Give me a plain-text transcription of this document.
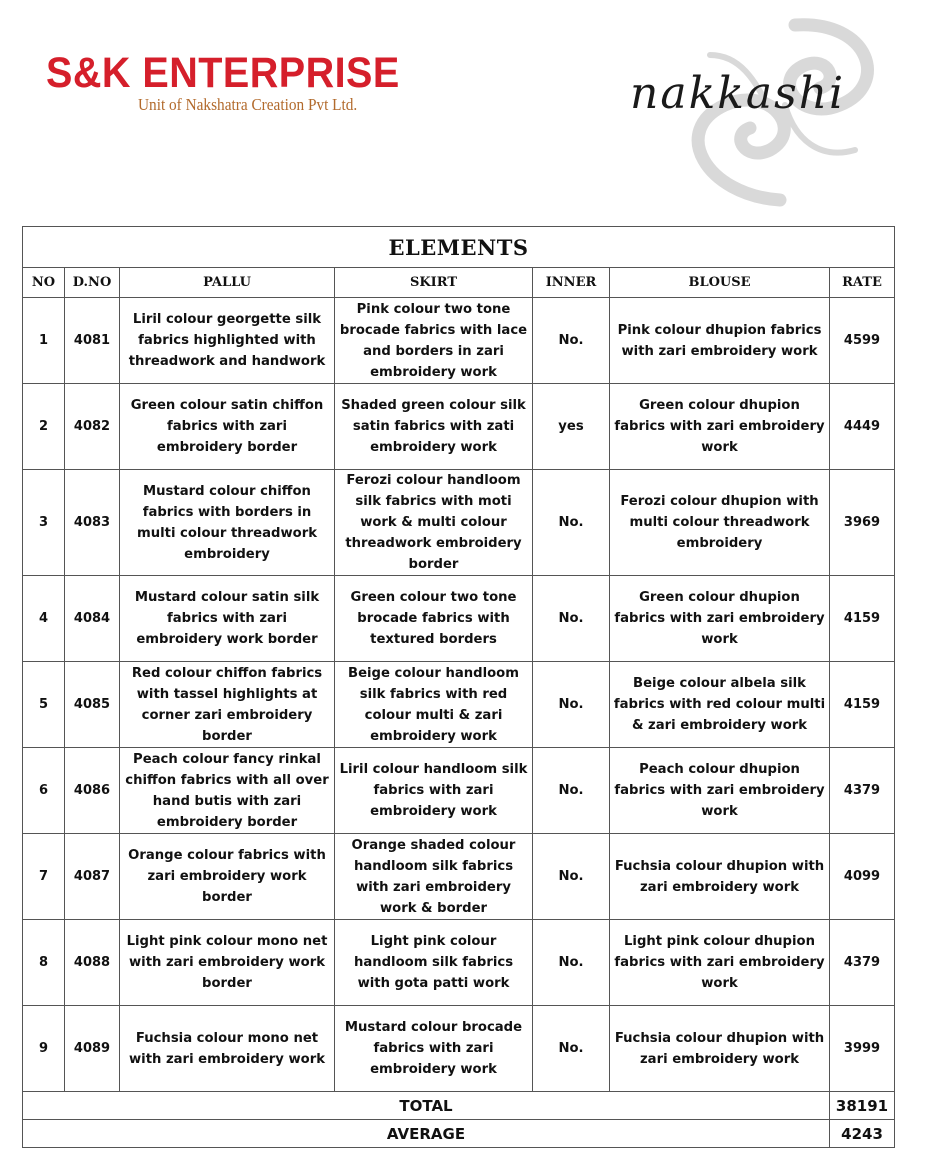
S&K ENTERPRISE
Unit of Nakshatra Creation Pvt Ltd.	nakkashi
ELEMENTS						
NO	D.NO	PALLU	SKIRT	INNER	BLOUSE	RATE
1	4081	Liril colour georgette silk fabrics highlighted with threadwork and handwork	Pink colour two tone brocade fabrics with lace and borders in zari embroidery work	No.	Pink colour dhupion fabrics with zari embroidery work	4599
2	4082	Green colour satin chiffon fabrics with zari embroidery border	Shaded green colour silk satin fabrics with zati embroidery work	yes	Green colour dhupion fabrics with zari embroidery work	4449
3	4083	Mustard colour chiffon fabrics with borders in multi colour threadwork embroidery	Ferozi colour handloom silk fabrics with moti work & multi colour threadwork embroidery border	No.	Ferozi colour dhupion with multi colour threadwork embroidery	3969
4	4084	Mustard colour satin silk fabrics with zari embroidery work border	Green colour two tone brocade fabrics with textured borders	No.	Green colour dhupion fabrics with zari embroidery work	4159
5	4085	Red colour chiffon fabrics with tassel highlights at corner zari embroidery border	Beige colour handloom silk fabrics with red colour multi & zari embroidery work	No.	Beige colour albela silk fabrics with red colour multi & zari embroidery work	4159
6	4086	Peach colour fancy rinkal chiffon fabrics with all over hand butis with zari embroidery border	Liril colour handloom silk fabrics with zari embroidery work	No.	Peach colour dhupion fabrics with zari embroidery work	4379
7	4087	Orange colour fabrics with zari embroidery work border	Orange shaded colour handloom silk fabrics with zari embroidery work & border	No.	Fuchsia colour dhupion with zari embroidery work	4099
8	4088	Light pink colour mono net with zari embroidery work border	Light pink colour handloom silk fabrics with gota patti work	No.	Light pink colour dhupion fabrics with zari embroidery work	4379
9	4089	Fuchsia colour mono net with zari embroidery work	Mustard colour brocade fabrics with zari embroidery work	No.	Fuchsia colour dhupion with zari embroidery work	3999
TOTAL						38191
AVERAGE						4243
